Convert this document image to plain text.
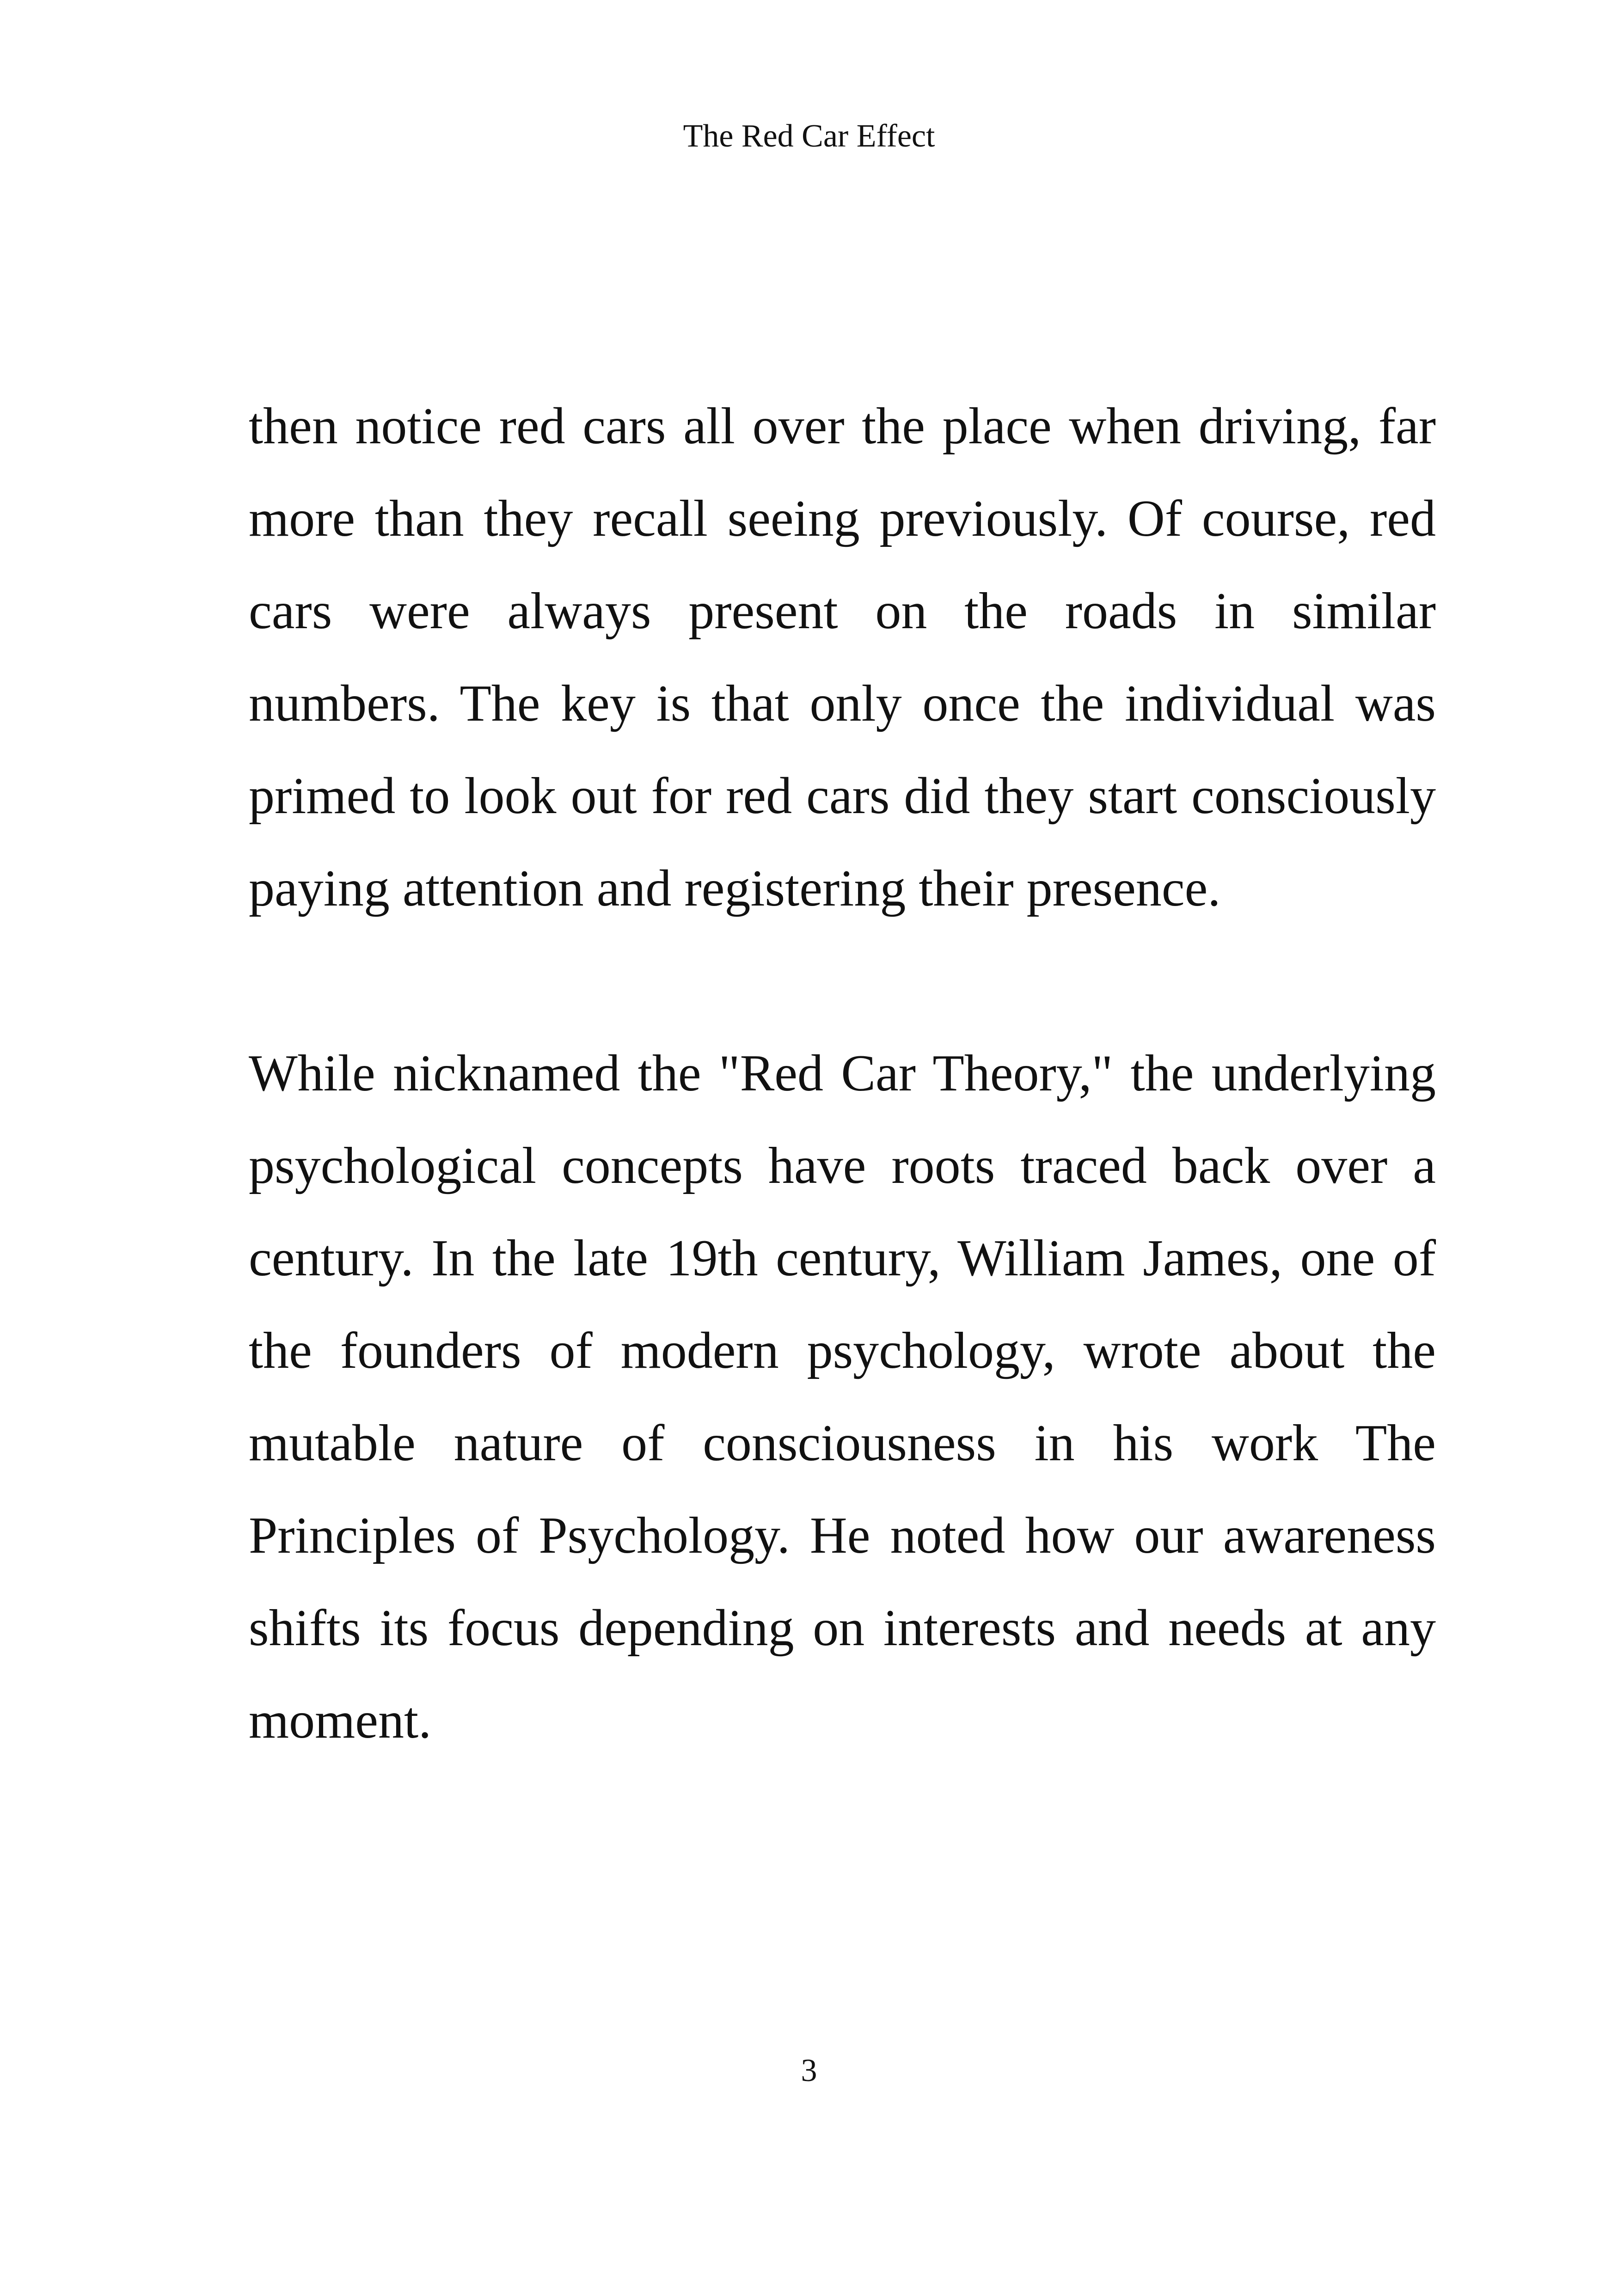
The Red Car Effect

then notice red cars all over the place when driving, far more than they recall seeing previously. Of course, red cars were always present on the roads in similar numbers. The key is that only once the individual was primed to look out for red cars did they start consciously paying attention and registering their presence.

While nicknamed the "Red Car Theory," the underlying psychological concepts have roots traced back over a century. In the late 19th century, William James, one of the founders of modern psychology, wrote about the mutable nature of consciousness in his work The Principles of Psychology. He noted how our awareness shifts its focus depending on interests and needs at any moment.

3
